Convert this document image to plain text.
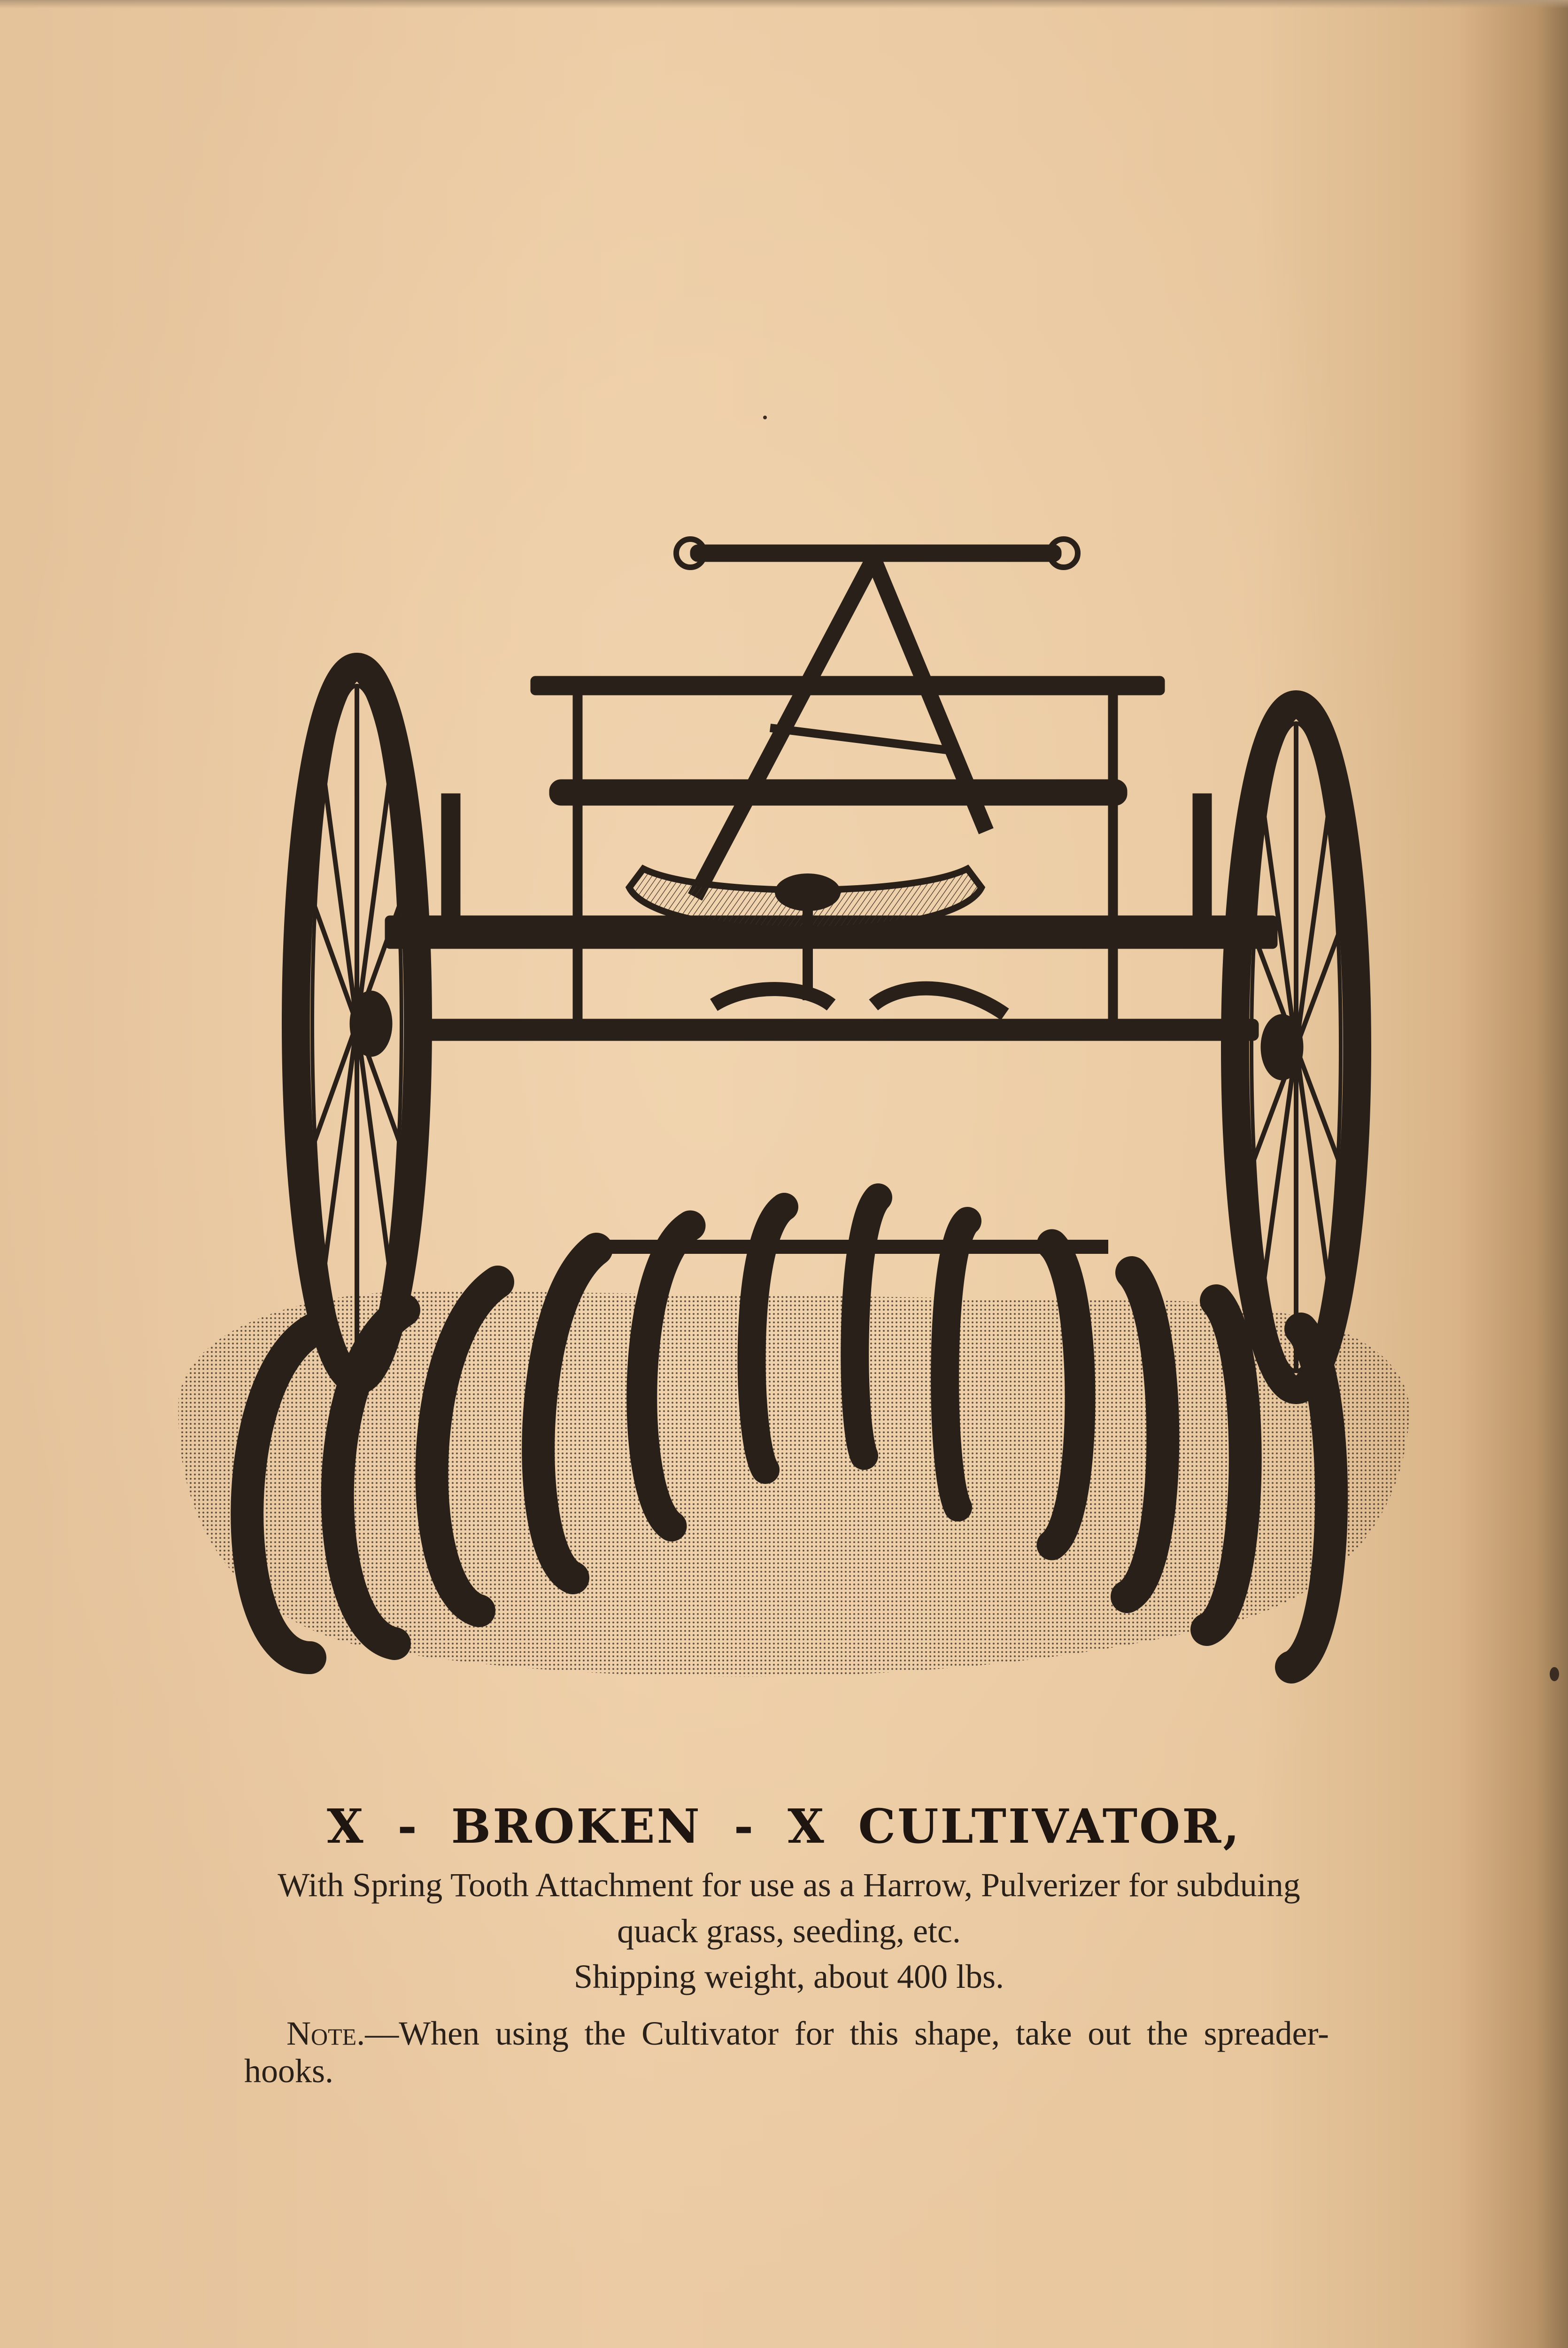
X - BROKEN - X CULTIVATOR,
With Spring Tooth Attachment for use as a Harrow, Pulverizer for subduing quack grass, seeding, etc.
Shipping weight, about 400 lbs.
Note.—When using the Cultivator for this shape, take out the spreader-hooks.
